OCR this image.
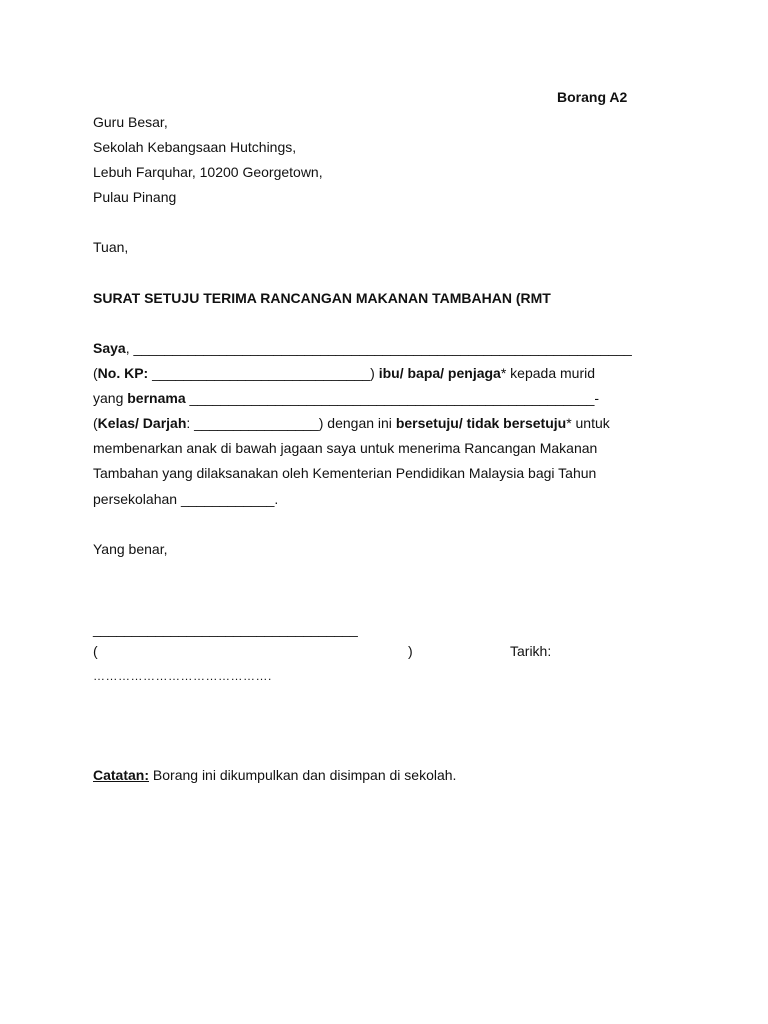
Borang A2
Guru Besar,
Sekolah Kebangsaan Hutchings,
Lebuh Farquhar, 10200 Georgetown,
Pulau Pinang
Tuan,
SURAT SETUJU TERIMA RANCANGAN MAKANAN TAMBAHAN (RMT
Saya, ________________________________________________________________
(No. KP: ____________________________) ibu/ bapa/ penjaga* kepada murid
yang bernama ____________________________________________________-
(Kelas/ Darjah: ________________) dengan ini bersetuju/ tidak bersetuju* untuk
membenarkan anak di bawah jagaan saya untuk menerima Rancangan Makanan
Tambahan yang dilaksanakan oleh Kementerian Pendidikan Malaysia bagi Tahun
persekolahan ____________.
Yang benar,
__________________________________
(	)	Tarikh:
…………………………………….
Catatan: Borang ini dikumpulkan dan disimpan di sekolah.
